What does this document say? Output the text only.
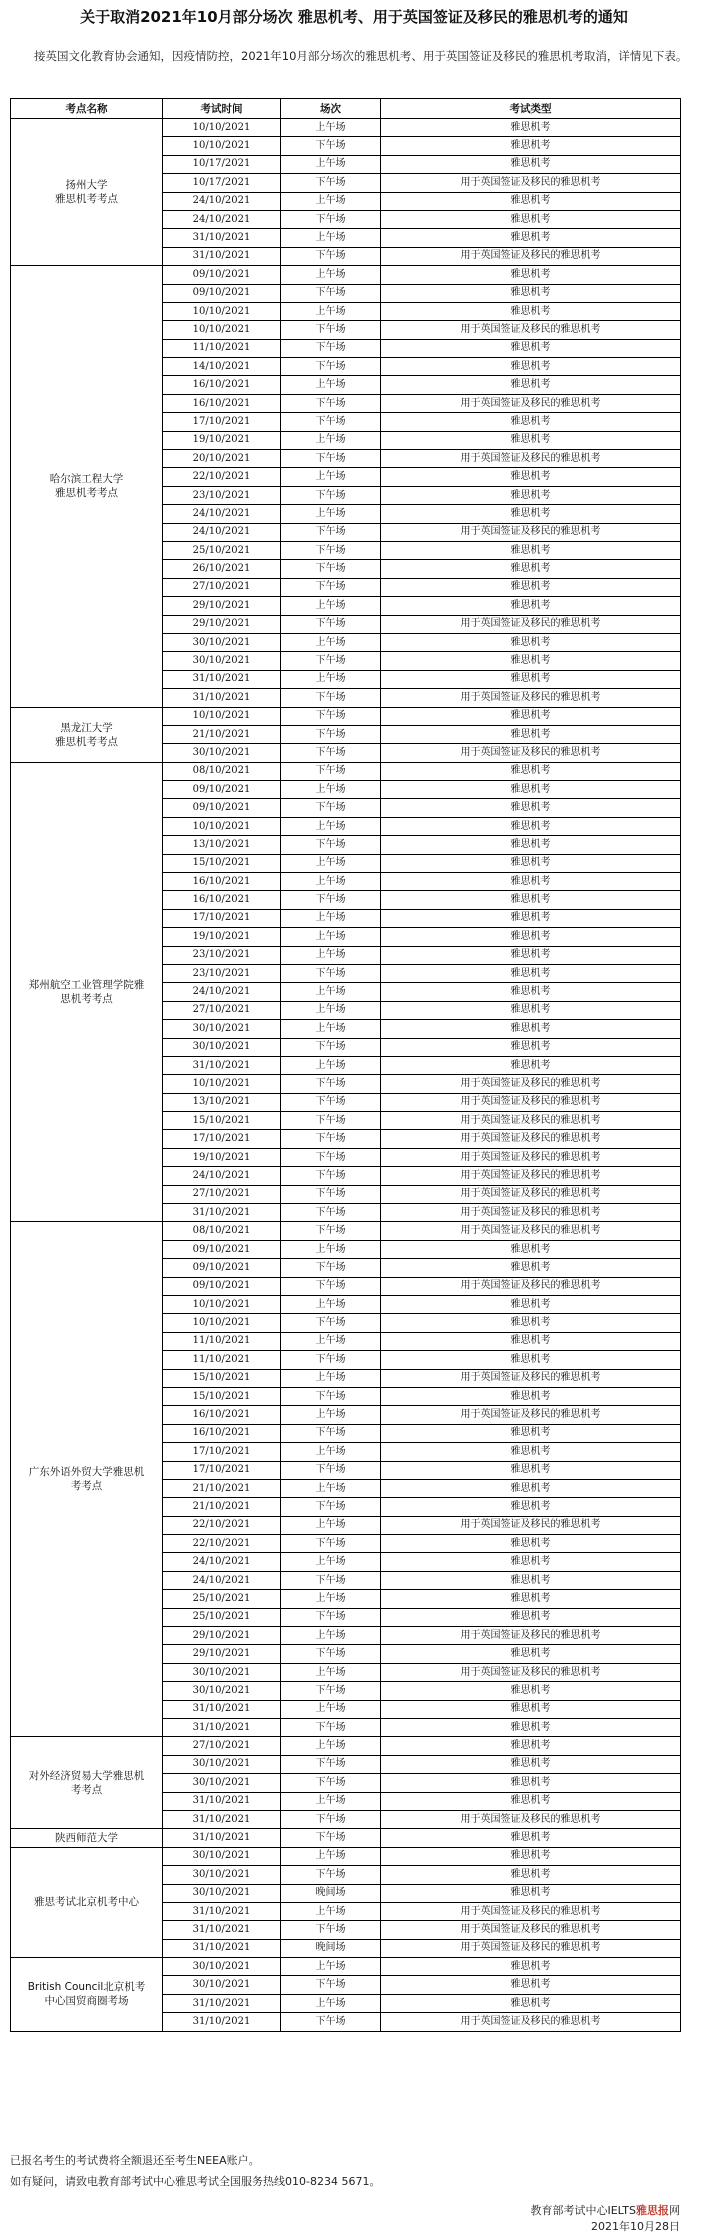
关于取消2021年10月部分场次 雅思机考、用于英国签证及移民的雅思机考的通知
接英国文化教育协会通知，因疫情防控，2021年10月部分场次的雅思机考、用于英国签证及移民的雅思机考取消，详情见下表。
考点名称	考试时间	场次	考试类型
扬州大学
雅思机考考点	10/10/2021	上午场	雅思机考
	10/10/2021	下午场	雅思机考
	10/17/2021	上午场	雅思机考
	10/17/2021	下午场	用于英国签证及移民的雅思机考
	24/10/2021	上午场	雅思机考
	24/10/2021	下午场	雅思机考
	31/10/2021	上午场	雅思机考
	31/10/2021	下午场	用于英国签证及移民的雅思机考
哈尔滨工程大学
雅思机考考点	09/10/2021	上午场	雅思机考
	09/10/2021	下午场	雅思机考
	10/10/2021	上午场	雅思机考
	10/10/2021	下午场	用于英国签证及移民的雅思机考
	11/10/2021	下午场	雅思机考
	14/10/2021	下午场	雅思机考
	16/10/2021	上午场	雅思机考
	16/10/2021	下午场	用于英国签证及移民的雅思机考
	17/10/2021	下午场	雅思机考
	19/10/2021	上午场	雅思机考
	20/10/2021	下午场	用于英国签证及移民的雅思机考
	22/10/2021	上午场	雅思机考
	23/10/2021	下午场	雅思机考
	24/10/2021	上午场	雅思机考
	24/10/2021	下午场	用于英国签证及移民的雅思机考
	25/10/2021	下午场	雅思机考
	26/10/2021	下午场	雅思机考
	27/10/2021	下午场	雅思机考
	29/10/2021	上午场	雅思机考
	29/10/2021	下午场	用于英国签证及移民的雅思机考
	30/10/2021	上午场	雅思机考
	30/10/2021	下午场	雅思机考
	31/10/2021	上午场	雅思机考
	31/10/2021	下午场	用于英国签证及移民的雅思机考
黑龙江大学
雅思机考考点	10/10/2021	下午场	雅思机考
	21/10/2021	下午场	雅思机考
	30/10/2021	下午场	用于英国签证及移民的雅思机考
郑州航空工业管理学院雅
思机考考点	08/10/2021	下午场	雅思机考
	09/10/2021	上午场	雅思机考
	09/10/2021	下午场	雅思机考
	10/10/2021	上午场	雅思机考
	13/10/2021	下午场	雅思机考
	15/10/2021	上午场	雅思机考
	16/10/2021	上午场	雅思机考
	16/10/2021	下午场	雅思机考
	17/10/2021	上午场	雅思机考
	19/10/2021	上午场	雅思机考
	23/10/2021	上午场	雅思机考
	23/10/2021	下午场	雅思机考
	24/10/2021	上午场	雅思机考
	27/10/2021	上午场	雅思机考
	30/10/2021	上午场	雅思机考
	30/10/2021	下午场	雅思机考
	31/10/2021	上午场	雅思机考
	10/10/2021	下午场	用于英国签证及移民的雅思机考
	13/10/2021	下午场	用于英国签证及移民的雅思机考
	15/10/2021	下午场	用于英国签证及移民的雅思机考
	17/10/2021	下午场	用于英国签证及移民的雅思机考
	19/10/2021	下午场	用于英国签证及移民的雅思机考
	24/10/2021	下午场	用于英国签证及移民的雅思机考
	27/10/2021	下午场	用于英国签证及移民的雅思机考
	31/10/2021	下午场	用于英国签证及移民的雅思机考
广东外语外贸大学雅思机
考考点	08/10/2021	下午场	用于英国签证及移民的雅思机考
	09/10/2021	上午场	雅思机考
	09/10/2021	下午场	雅思机考
	09/10/2021	下午场	用于英国签证及移民的雅思机考
	10/10/2021	上午场	雅思机考
	10/10/2021	下午场	雅思机考
	11/10/2021	上午场	雅思机考
	11/10/2021	下午场	雅思机考
	15/10/2021	上午场	用于英国签证及移民的雅思机考
	15/10/2021	下午场	雅思机考
	16/10/2021	上午场	用于英国签证及移民的雅思机考
	16/10/2021	下午场	雅思机考
	17/10/2021	上午场	雅思机考
	17/10/2021	下午场	雅思机考
	21/10/2021	上午场	雅思机考
	21/10/2021	下午场	雅思机考
	22/10/2021	上午场	用于英国签证及移民的雅思机考
	22/10/2021	下午场	雅思机考
	24/10/2021	上午场	雅思机考
	24/10/2021	下午场	雅思机考
	25/10/2021	上午场	雅思机考
	25/10/2021	下午场	雅思机考
	29/10/2021	上午场	用于英国签证及移民的雅思机考
	29/10/2021	下午场	雅思机考
	30/10/2021	上午场	用于英国签证及移民的雅思机考
	30/10/2021	下午场	雅思机考
	31/10/2021	上午场	雅思机考
	31/10/2021	下午场	雅思机考
对外经济贸易大学雅思机
考考点	27/10/2021	上午场	雅思机考
	30/10/2021	下午场	雅思机考
	30/10/2021	下午场	雅思机考
	31/10/2021	上午场	雅思机考
	31/10/2021	下午场	用于英国签证及移民的雅思机考
陕西师范大学	31/10/2021	下午场	雅思机考
雅思考试北京机考中心	30/10/2021	上午场	雅思机考
	30/10/2021	下午场	雅思机考
	30/10/2021	晚间场	雅思机考
	31/10/2021	上午场	用于英国签证及移民的雅思机考
	31/10/2021	下午场	用于英国签证及移民的雅思机考
	31/10/2021	晚间场	用于英国签证及移民的雅思机考
British Council北京机考
中心国贸商圈考场	30/10/2021	上午场	雅思机考
	30/10/2021	下午场	雅思机考
	31/10/2021	上午场	雅思机考
	31/10/2021	下午场	用于英国签证及移民的雅思机考
已报名考生的考试费将全额退还至考生NEEA账户。
如有疑问，请致电教育部考试中心雅思考试全国服务热线010-8234 5671。
教育部考试中心IELTS雅思报网
2021年10月28日
